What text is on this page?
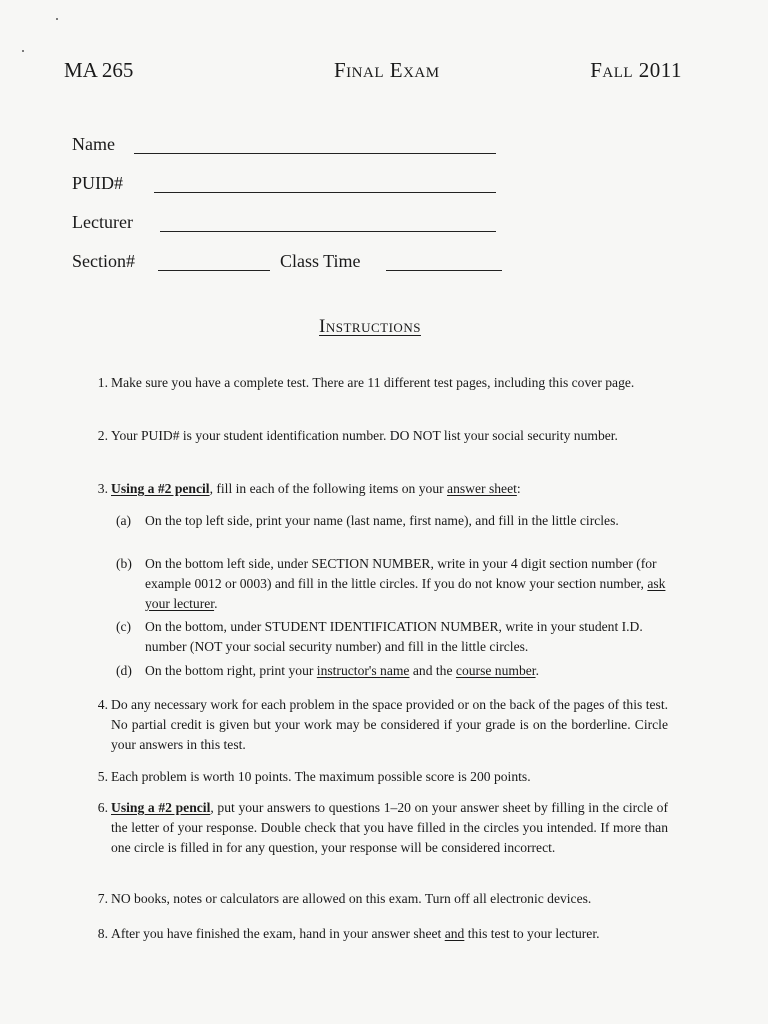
MA 265	Final Exam	Fall 2011
Name
PUID#
Lecturer
Section#	Class Time
Instructions
1. Make sure you have a complete test. There are 11 different test pages, including this cover page.
2. Your PUID# is your student identification number. DO NOT list your social security number.
3. Using a #2 pencil, fill in each of the following items on your answer sheet:
(a)	On the top left side, print your name (last name, first name), and fill in the little circles.
(b) On the bottom left side, under SECTION NUMBER, write in your 4 digit section number (for example 0012 or 0003) and fill in the little circles. If you do not know your section number, ask your lecturer.
(c)	On the bottom, under STUDENT IDENTIFICATION NUMBER, write in your student I.D. number (NOT your social security number) and fill in the little circles.
(d) On the bottom right, print your instructor's name and the course number.
4. Do any necessary work for each problem in the space provided or on the back of the pages of this test. No partial credit is given but your work may be considered if your grade is on the borderline. Circle your answers in this test.
5. Each problem is worth 10 points. The maximum possible score is 200 points.
6. Using a #2 pencil, put your answers to questions 1–20 on your answer sheet by filling in the circle of the letter of your response. Double check that you have filled in the circles you intended. If more than one circle is filled in for any question, your response will be considered incorrect.
7. NO books, notes or calculators are allowed on this exam. Turn off all electronic devices.
8. After you have finished the exam, hand in your answer sheet and this test to your lecturer.
